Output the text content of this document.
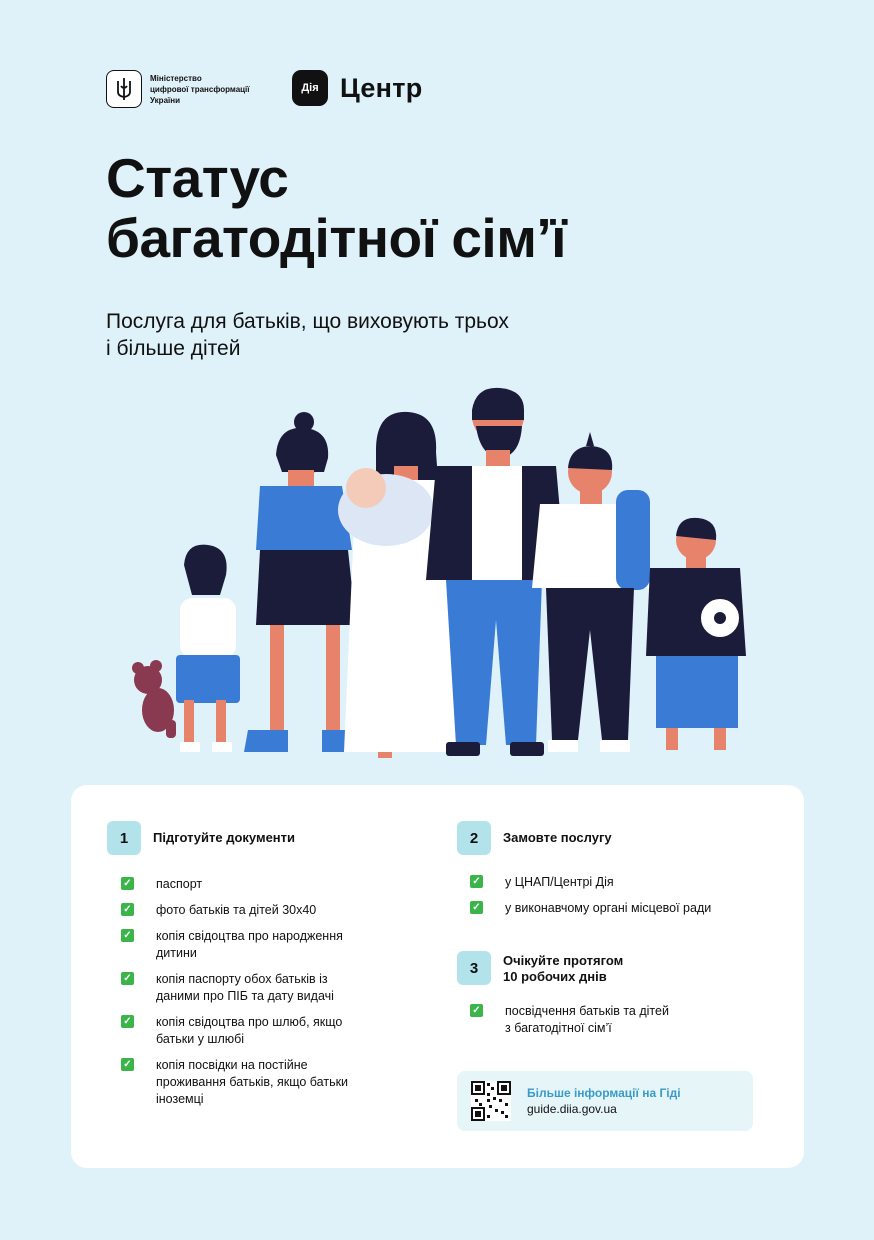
Міністерство
цифрової трансформації
України
Дія Центр
Статус
багатодітної сім’ї
Послуга для батьків, що виховують трьох
і більше дітей
1	Підготуйте документи
✓ паспорт
✓ фото батьків та дітей 30х40
✓ копія свідоцтва про народження
дитини
✓ копія паспорту обох батьків із
даними про ПІБ та дату видачі
✓ копія свідоцтва про шлюб, якщо
батьки у шлюбі
✓ копія посвідки на постійне
проживання батьків, якщо батьки
іноземці
2	Замовте послугу
✓ у ЦНАП/Центрі Дія
✓ у виконавчому органі місцевої ради
3	Очікуйте протягом
10 робочих днів
✓ посвідчення батьків та дітей
з багатодітної сім’ї
Більше інформації на Гіді
guide.diia.gov.ua
